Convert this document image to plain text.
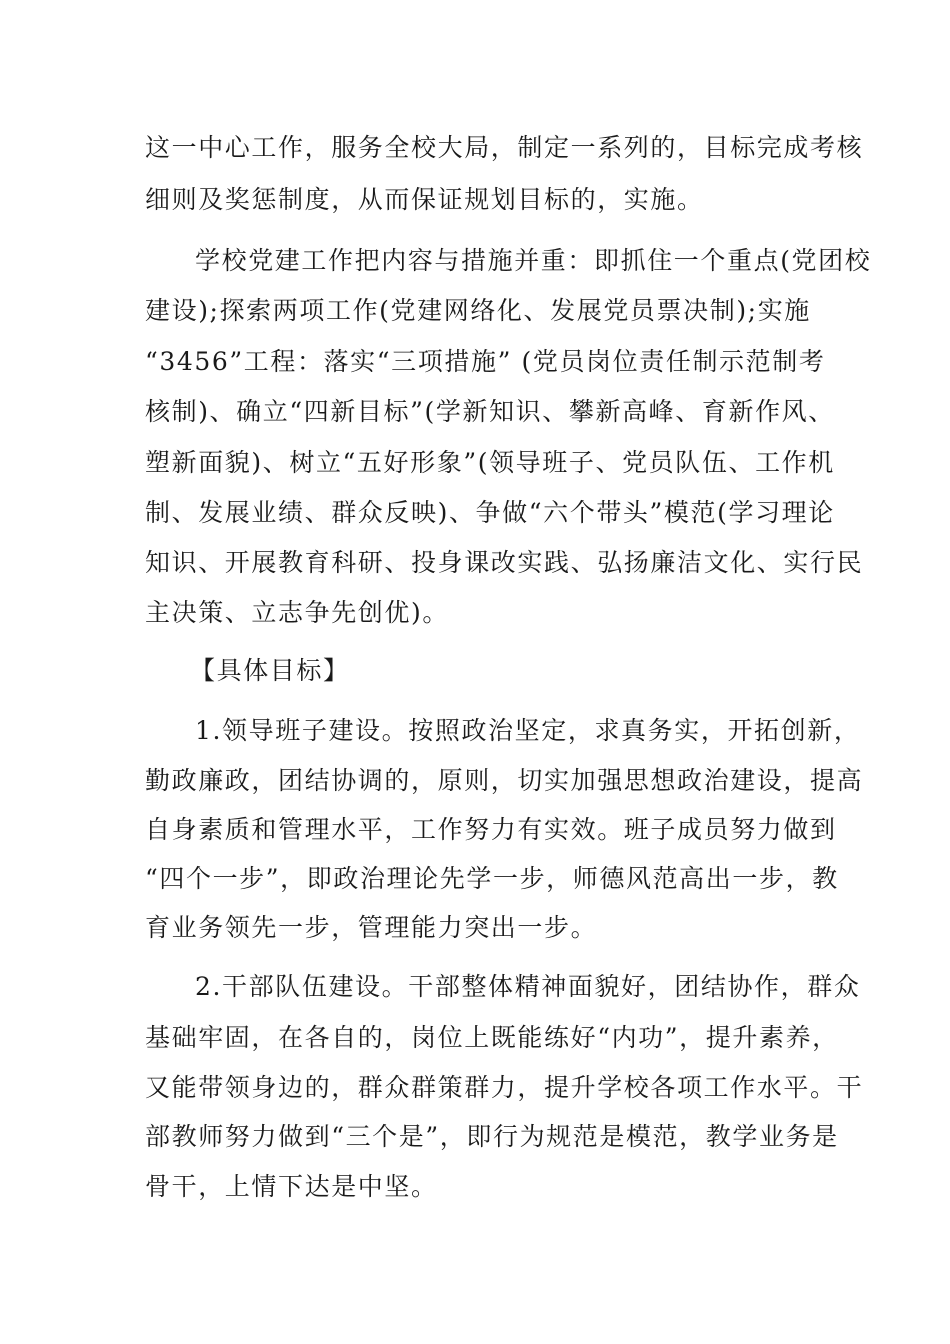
这一中心工作，服务全校大局，制定一系列的，目标完成考核
细则及奖惩制度，从而保证规划目标的，实施。
学校党建工作把内容与措施并重：即抓住一个重点(党团校
建设);探索两项工作(党建网络化、发展党员票决制);实施
“3456”工程：落实“三项措施” (党员岗位责任制示范制考
核制)、确立“四新目标”(学新知识、攀新高峰、育新作风、
塑新面貌)、树立“五好形象”(领导班子、党员队伍、工作机
制、发展业绩、群众反映)、争做“六个带头”模范(学习理论
知识、开展教育科研、投身课改实践、弘扬廉洁文化、实行民
主决策、立志争先创优)。
【具体目标】
1.领导班子建设。按照政治坚定，求真务实，开拓创新，
勤政廉政，团结协调的，原则，切实加强思想政治建设，提高
自身素质和管理水平，工作努力有实效。班子成员努力做到
“四个一步”，即政治理论先学一步，师德风范高出一步，教
育业务领先一步，管理能力突出一步。
2.干部队伍建设。干部整体精神面貌好，团结协作，群众
基础牢固，在各自的，岗位上既能练好“内功”，提升素养，
又能带领身边的，群众群策群力，提升学校各项工作水平。干
部教师努力做到“三个是”，即行为规范是模范，教学业务是
骨干，上情下达是中坚。
